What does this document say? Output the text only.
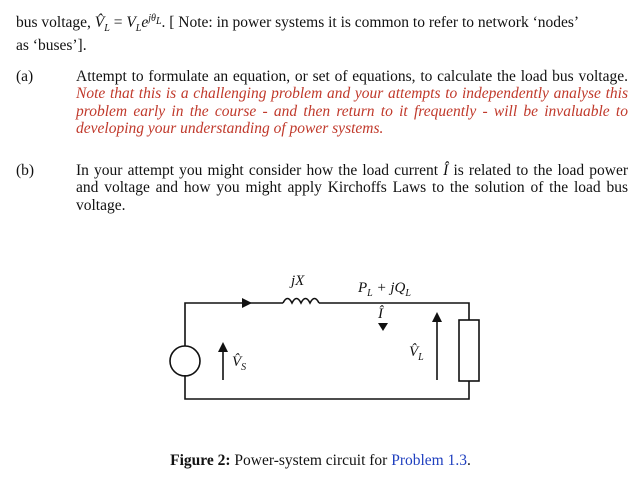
bus voltage, $V̂_L = V_Le^{j\theta_L}$. [ Note: in power systems it is common to refer to network ‘nodes’
as ‘buses’].
(a)	Attempt to formulate an equation, or set of equations, to calculate the load bus voltage. Note that this is a challenging problem and your attempts to independently analyse this problem early in the course - and then return to it frequently - will be invaluable to developing your understanding of power systems.
(b)	In your attempt you might consider how the load current Î is related to the load power and voltage and how you might apply Kirchoffs Laws to the solution of the load bus voltage.
jX	$P_L + jQ_L$
Î
$V̂_S$
$V̂_L$
Figure 2: Power-system circuit for Problem 1.3.
